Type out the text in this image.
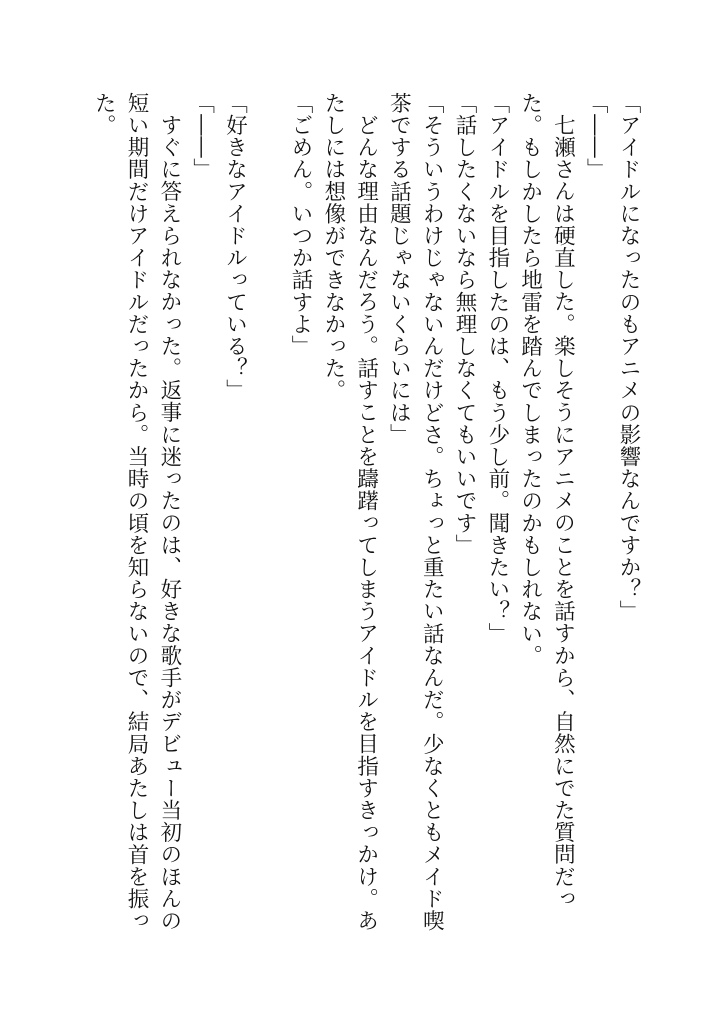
「アイドルになったのもアニメの影響なんですか？」

「――」

七瀬さんは硬直した。楽しそうにアニメのことを話すから、自然にでた質問だった。もしかしたら地雷を踏んでしまったのかもしれない。

「アイドルを目指したのは、もう少し前。聞きたい？」

「話したくないなら無理しなくてもいいです」

「そういうわけじゃないんだけどさ。ちょっと重たい話なんだ。少なくともメイド喫茶でする話題じゃないくらいには」

どんな理由なんだろう。話すことを躊躇ってしまうアイドルを目指すきっかけ。あたしには想像ができなかった。

「ごめん。いつか話すよ」

「好きなアイドルっている？」

「――」

すぐに答えられなかった。返事に迷ったのは、好きな歌手がデビュー当初のほんの短い期間だけアイドルだったから。当時の頃を知らないので、結局あたしは首を振った。
